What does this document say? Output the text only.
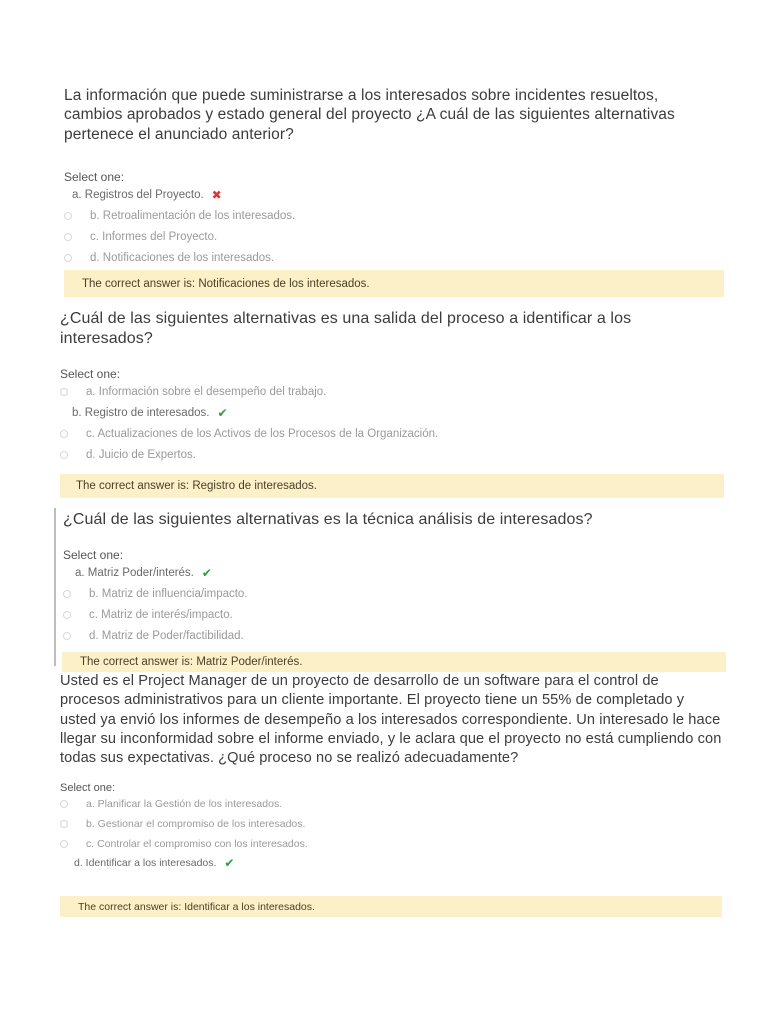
La información que puede suministrarse a los interesados sobre incidentes resueltos, cambios aprobados y estado general del proyecto ¿A cuál de las siguientes alternativas pertenece el anunciado anterior?
Select one:
a. Registros del Proyecto. ✖
b. Retroalimentación de los interesados.
c. Informes del Proyecto.
d. Notificaciones de los interesados.
The correct answer is: Notificaciones de los interesados.
¿Cuál de las siguientes alternativas es una salida del proceso a identificar a los interesados?
Select one:
a. Información sobre el desempeño del trabajo.
b. Registro de interesados. ✔
c. Actualizaciones de los Activos de los Procesos de la Organización.
d. Juicio de Expertos.
The correct answer is: Registro de interesados.
¿Cuál de las siguientes alternativas es la técnica análisis de interesados?
Select one:
a. Matriz Poder/interés. ✔
b. Matriz de influencia/impacto.
c. Matriz de interés/impacto.
d. Matriz de Poder/factibilidad.
The correct answer is: Matriz Poder/interés.
Usted es el Project Manager de un proyecto de desarrollo de un software para el control de procesos administrativos para un cliente importante. El proyecto tiene un 55% de completado y usted ya envió los informes de desempeño a los interesados correspondiente. Un interesado le hace llegar su inconformidad sobre el informe enviado, y le aclara que el proyecto no está cumpliendo con todas sus expectativas. ¿Qué proceso no se realizó adecuadamente?
Select one:
a. Planificar la Gestión de los interesados.
b. Gestionar el compromiso de los interesados.
c. Controlar el compromiso con los interesados.
d. Identificar a los interesados. ✔
The correct answer is: Identificar a los interesados.
